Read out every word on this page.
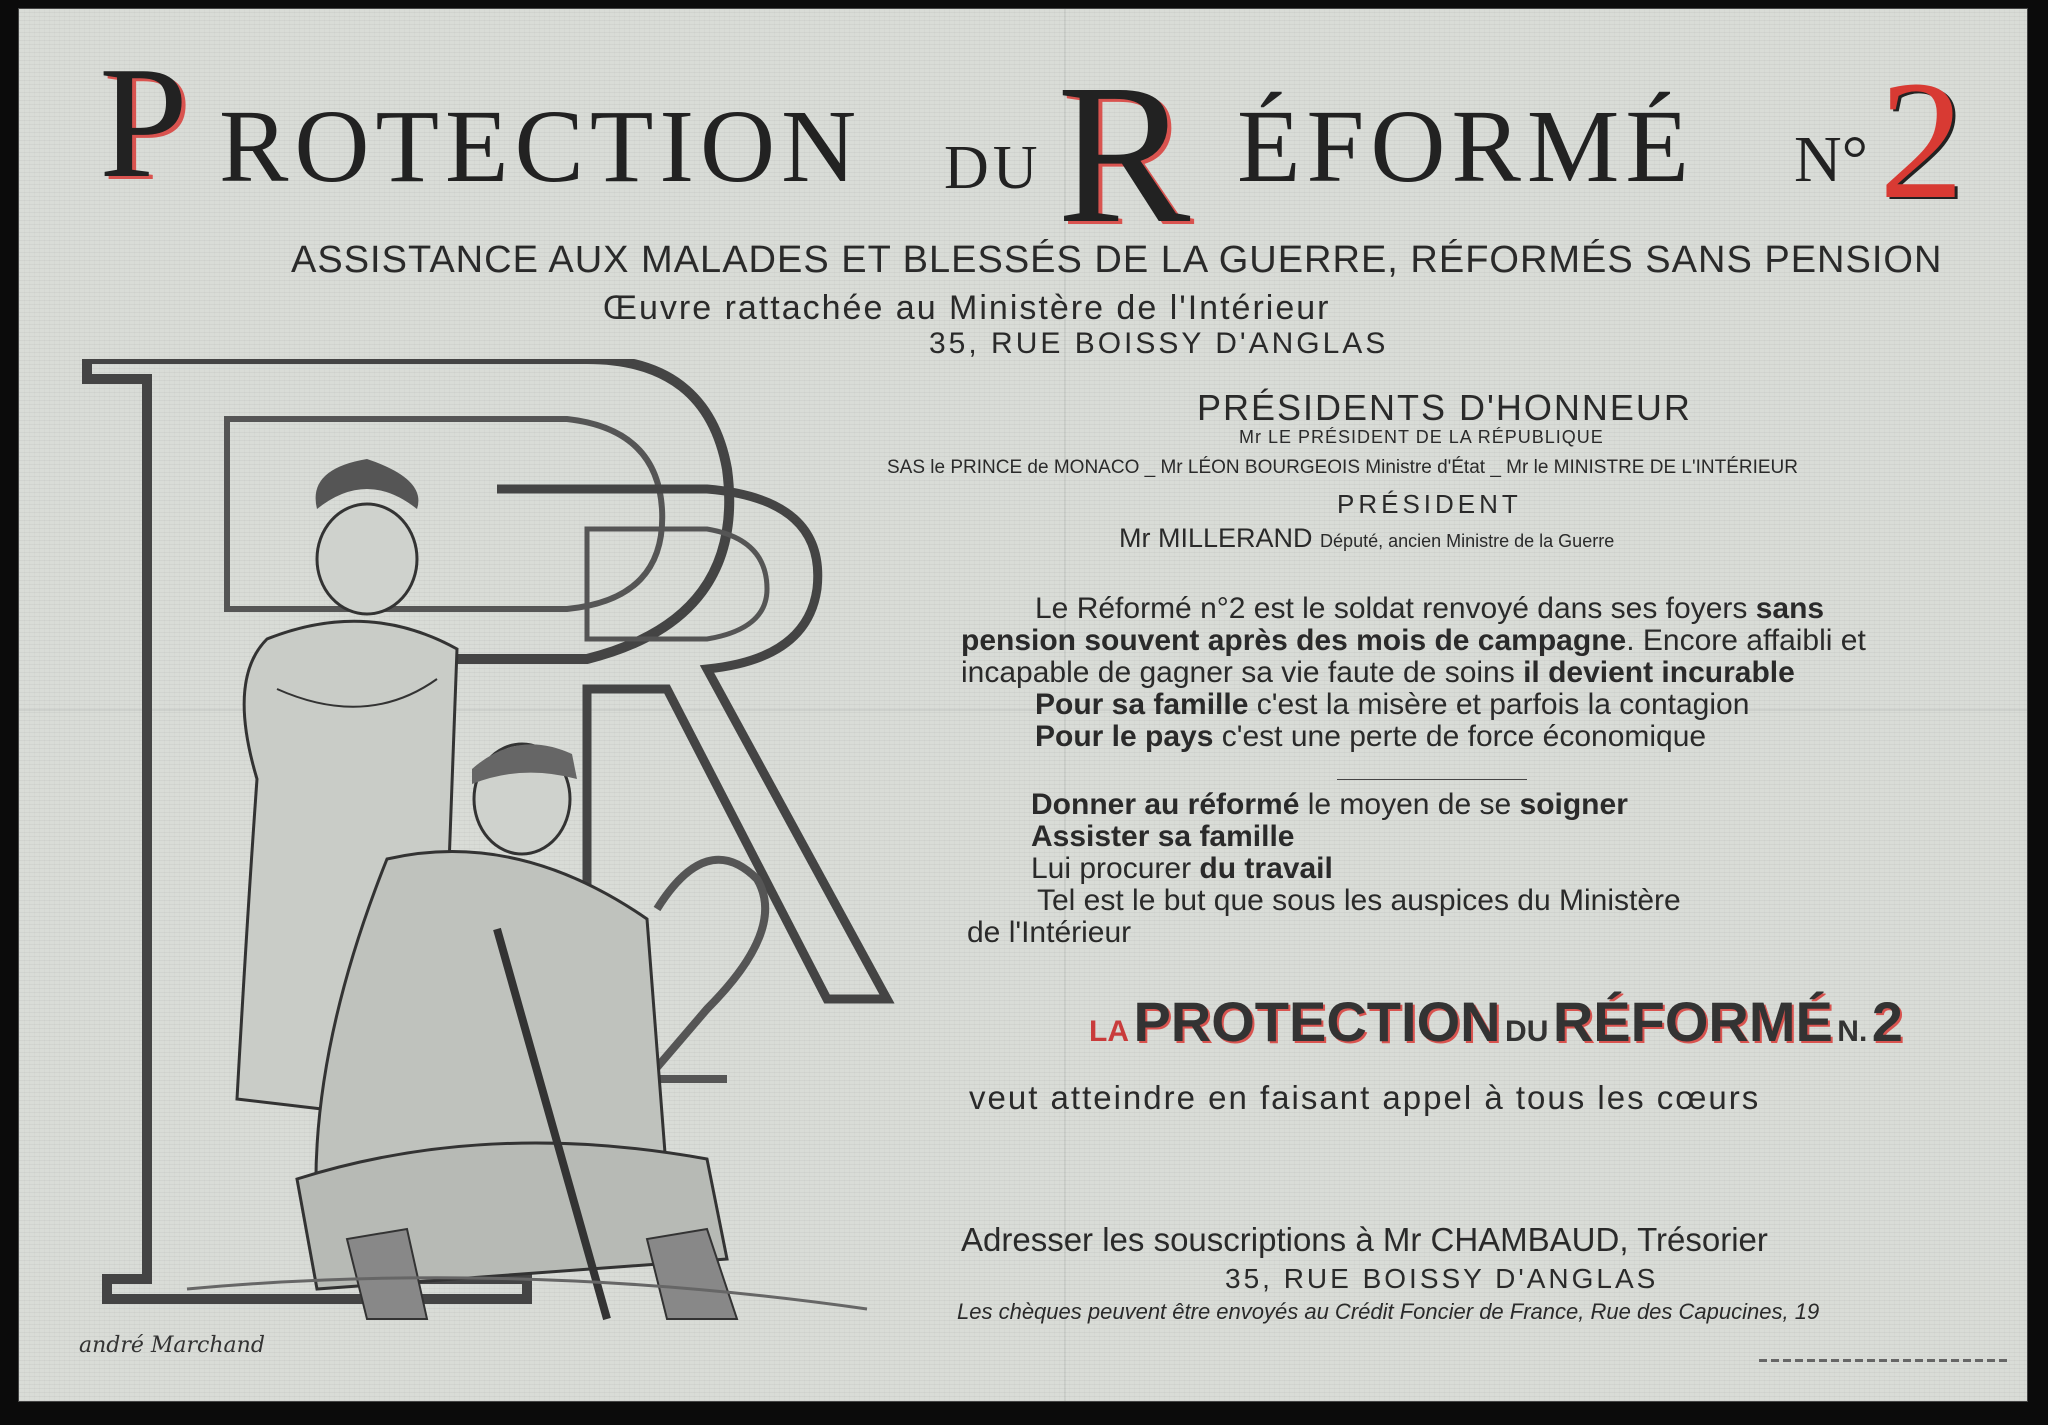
P ROTECTION DU R ÉFORMÉ N° 2
ASSISTANCE AUX MALADES ET BLESSÉS DE LA GUERRE, RÉFORMÉS SANS PENSION
Œuvre rattachée au Ministère de l'Intérieur
35, RUE BOISSY D'ANGLAS
PRÉSIDENTS D'HONNEUR
Mr LE PRÉSIDENT DE LA RÉPUBLIQUE
SAS le PRINCE de MONACO _ Mr LÉON BOURGEOIS Ministre d'État _ Mr le MINISTRE DE L'INTÉRIEUR
PRÉSIDENT
Mr MILLERAND Député, ancien Ministre de la Guerre

Le Réformé n°2 est le soldat renvoyé dans ses foyers sans

pension souvent après des mois de campagne. Encore affaibli et

incapable de gagner sa vie faute de soins il devient incurable

Pour sa famille c'est la misère et parfois la contagion

Pour le pays c'est une perte de force économique

Donner au réformé le moyen de se soigner

Assister sa famille

Lui procurer du travail

Tel est le but que sous les auspices du Ministère

de l'Intérieur

LA PROTECTION DU RÉFORMÉ N. 2
veut atteindre en faisant appel à tous les cœurs
Adresser les souscriptions à Mr CHAMBAUD, Trésorier
35, RUE BOISSY D'ANGLAS
Les chèques peuvent être envoyés au Crédit Foncier de France, Rue des Capucines, 19
andré Marchand
